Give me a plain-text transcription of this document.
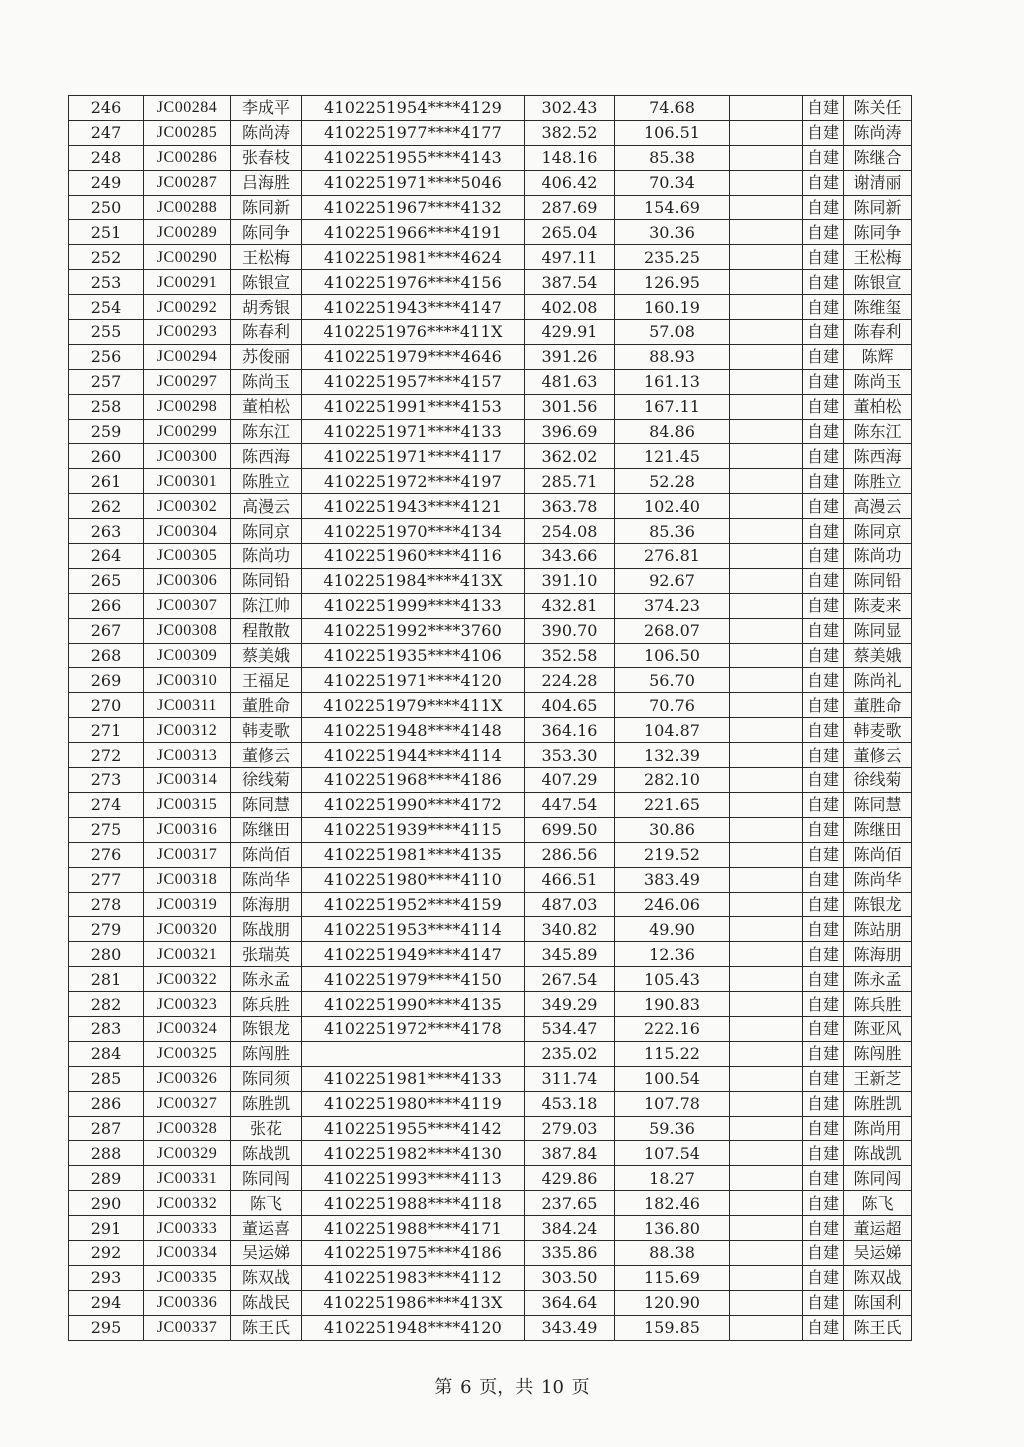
246	JC00284	李成平	4102251954****4129	302.43	74.68		自建	陈关任
247	JC00285	陈尚涛	4102251977****4177	382.52	106.51		自建	陈尚涛
248	JC00286	张春枝	4102251955****4143	148.16	85.38		自建	陈继合
249	JC00287	吕海胜	4102251971****5046	406.42	70.34		自建	谢清丽
250	JC00288	陈同新	4102251967****4132	287.69	154.69		自建	陈同新
251	JC00289	陈同争	4102251966****4191	265.04	30.36		自建	陈同争
252	JC00290	王松梅	4102251981****4624	497.11	235.25		自建	王松梅
253	JC00291	陈银宣	4102251976****4156	387.54	126.95		自建	陈银宣
254	JC00292	胡秀银	4102251943****4147	402.08	160.19		自建	陈维玺
255	JC00293	陈春利	4102251976****411X	429.91	57.08		自建	陈春利
256	JC00294	苏俊丽	4102251979****4646	391.26	88.93		自建	陈辉
257	JC00297	陈尚玉	4102251957****4157	481.63	161.13		自建	陈尚玉
258	JC00298	董柏松	4102251991****4153	301.56	167.11		自建	董柏松
259	JC00299	陈东江	4102251971****4133	396.69	84.86		自建	陈东江
260	JC00300	陈西海	4102251971****4117	362.02	121.45		自建	陈西海
261	JC00301	陈胜立	4102251972****4197	285.71	52.28		自建	陈胜立
262	JC00302	高漫云	4102251943****4121	363.78	102.40		自建	高漫云
263	JC00304	陈同京	4102251970****4134	254.08	85.36		自建	陈同京
264	JC00305	陈尚功	4102251960****4116	343.66	276.81		自建	陈尚功
265	JC00306	陈同铅	4102251984****413X	391.10	92.67		自建	陈同铅
266	JC00307	陈江帅	4102251999****4133	432.81	374.23		自建	陈麦来
267	JC00308	程散散	4102251992****3760	390.70	268.07		自建	陈同显
268	JC00309	蔡美娥	4102251935****4106	352.58	106.50		自建	蔡美娥
269	JC00310	王福足	4102251971****4120	224.28	56.70		自建	陈尚礼
270	JC00311	董胜命	4102251979****411X	404.65	70.76		自建	董胜命
271	JC00312	韩麦歌	4102251948****4148	364.16	104.87		自建	韩麦歌
272	JC00313	董修云	4102251944****4114	353.30	132.39		自建	董修云
273	JC00314	徐线菊	4102251968****4186	407.29	282.10		自建	徐线菊
274	JC00315	陈同慧	4102251990****4172	447.54	221.65		自建	陈同慧
275	JC00316	陈继田	4102251939****4115	699.50	30.86		自建	陈继田
276	JC00317	陈尚佰	4102251981****4135	286.56	219.52		自建	陈尚佰
277	JC00318	陈尚华	4102251980****4110	466.51	383.49		自建	陈尚华
278	JC00319	陈海朋	4102251952****4159	487.03	246.06		自建	陈银龙
279	JC00320	陈战朋	4102251953****4114	340.82	49.90		自建	陈站朋
280	JC00321	张瑞英	4102251949****4147	345.89	12.36		自建	陈海朋
281	JC00322	陈永孟	4102251979****4150	267.54	105.43		自建	陈永孟
282	JC00323	陈兵胜	4102251990****4135	349.29	190.83		自建	陈兵胜
283	JC00324	陈银龙	4102251972****4178	534.47	222.16		自建	陈亚风
284	JC00325	陈闯胜		235.02	115.22		自建	陈闯胜
285	JC00326	陈同须	4102251981****4133	311.74	100.54		自建	王新芝
286	JC00327	陈胜凯	4102251980****4119	453.18	107.78		自建	陈胜凯
287	JC00328	张花	4102251955****4142	279.03	59.36		自建	陈尚用
288	JC00329	陈战凯	4102251982****4130	387.84	107.54		自建	陈战凯
289	JC00331	陈同闯	4102251993****4113	429.86	18.27		自建	陈同闯
290	JC00332	陈飞	4102251988****4118	237.65	182.46		自建	陈飞
291	JC00333	董运喜	4102251988****4171	384.24	136.80		自建	董运超
292	JC00334	吴运娣	4102251975****4186	335.86	88.38		自建	吴运娣
293	JC00335	陈双战	4102251983****4112	303.50	115.69		自建	陈双战
294	JC00336	陈战民	4102251986****413X	364.64	120.90		自建	陈国利
295	JC00337	陈王氏	4102251948****4120	343.49	159.85		自建	陈王氏
第 6 页，共 10 页
